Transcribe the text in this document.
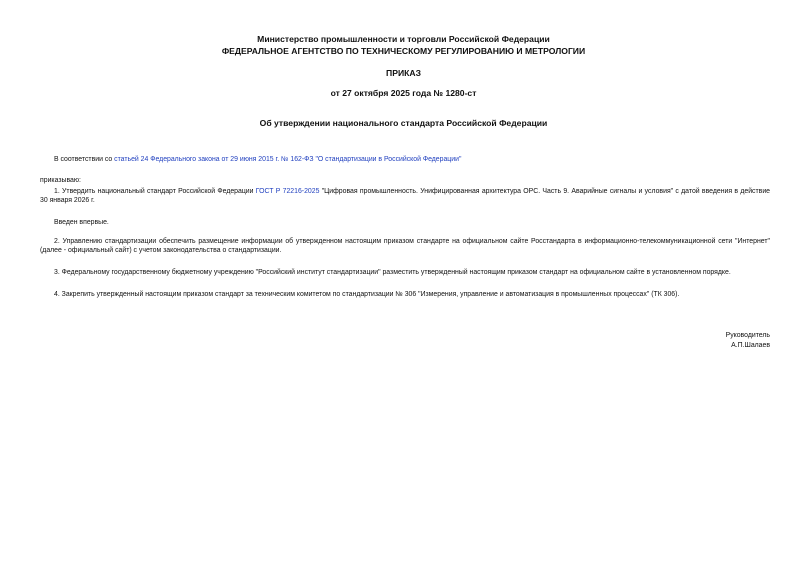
Министерство промышленности и торговли Российской Федерации
ФЕДЕРАЛЬНОЕ АГЕНТСТВО ПО ТЕХНИЧЕСКОМУ РЕГУЛИРОВАНИЮ И МЕТРОЛОГИИ
ПРИКАЗ
от 27 октября 2025 года № 1280-ст
Об утверждении национального стандарта Российской Федерации
В соответствии со статьей 24 Федерального закона от 29 июня 2015 г. № 162-ФЗ "О стандартизации в Российской Федерации"
приказываю:
1. Утвердить национальный стандарт Российской Федерации ГОСТ Р 72216-2025 "Цифровая промышленность. Унифицированная архитектура OPC. Часть 9. Аварийные сигналы и условия" с датой введения в действие 30 января 2026 г.
Введен впервые.
2. Управлению стандартизации обеспечить размещение информации об утвержденном настоящим приказом стандарте на официальном сайте Росстандарта в информационно-телекоммуникационной сети "Интернет" (далее - официальный сайт) с учетом законодательства о стандартизации.
3. Федеральному государственному бюджетному учреждению "Российский институт стандартизации" разместить утвержденный настоящим приказом стандарт на официальном сайте в установленном порядке.
4. Закрепить утвержденный настоящим приказом стандарт за техническим комитетом по стандартизации № 306 "Измерения, управление и автоматизация в промышленных процессах" (ТК 306).
Руководитель
А.П.Шалаев
